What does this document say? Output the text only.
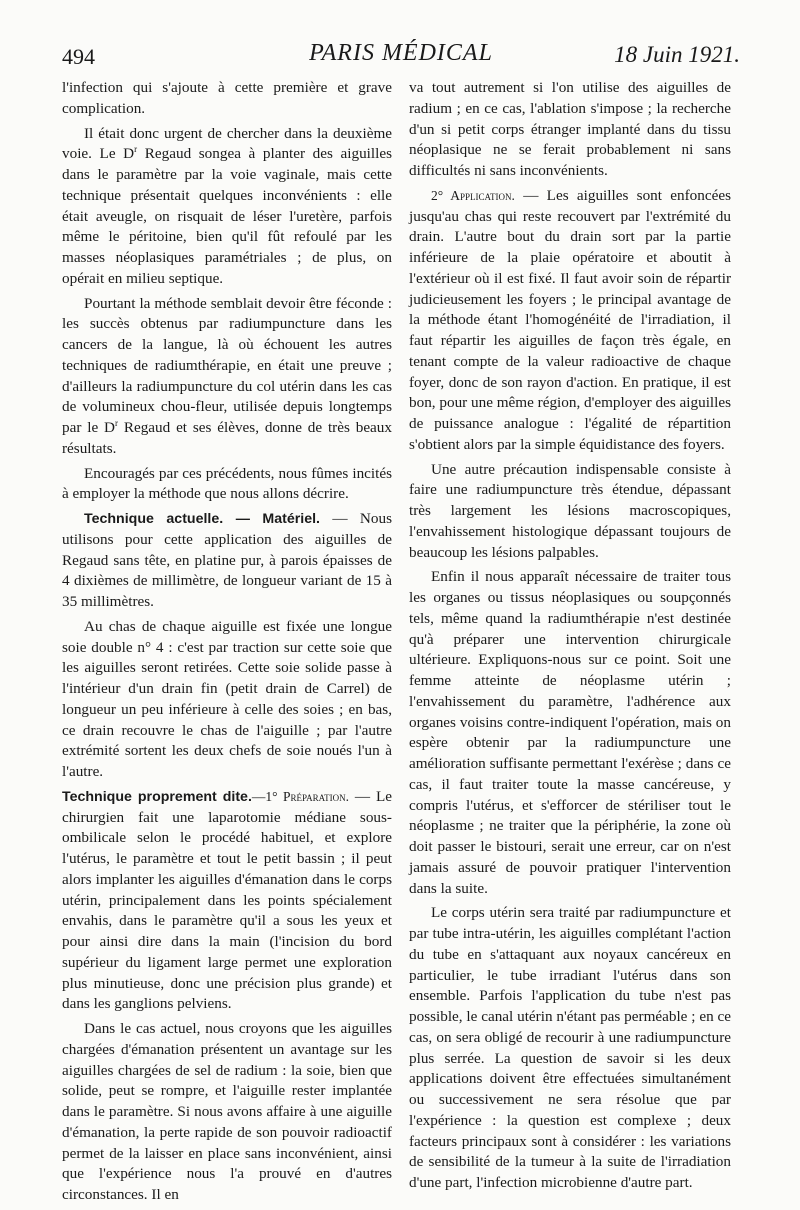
494	PARIS MÉDICAL	18 Juin 1921.

l'infection qui s'ajoute à cette première et grave complication.

Il était donc urgent de chercher dans la deuxième voie. Le $D^r$ Regaud songea à planter des aiguilles dans le paramètre par la voie vaginale, mais cette technique présentait quelques inconvénients : elle était aveugle, on risquait de léser l'uretère, parfois même le péritoine, bien qu'il fût refoulé par les masses néoplasiques paramétriales ; de plus, on opérait en milieu septique.

Pourtant la méthode semblait devoir être féconde : les succès obtenus par radiumpuncture dans les cancers de la langue, là où échouent les autres techniques de radiumthérapie, en était une preuve ; d'ailleurs la radiumpuncture du col utérin dans les cas de volumineux chou-fleur, utilisée depuis longtemps par le $D^r$ Regaud et ses élèves, donne de très beaux résultats.

Encouragés par ces précédents, nous fûmes incités à employer la méthode que nous allons décrire.

Technique actuelle. — Matériel. — Nous utilisons pour cette application des aiguilles de Regaud sans tête, en platine pur, à parois épaisses de 4 dixièmes de millimètre, de longueur variant de 15 à 35 millimètres.

Au chas de chaque aiguille est fixée une longue soie double n° 4 : c'est par traction sur cette soie que les aiguilles seront retirées. Cette soie solide passe à l'intérieur d'un drain fin (petit drain de Carrel) de longueur un peu inférieure à celle des soies ; en bas, ce drain recouvre le chas de l'aiguille ; par l'autre extrémité sortent les deux chefs de soie noués l'un à l'autre.

Technique proprement dite.—1° Préparation. — Le chirurgien fait une laparotomie médiane sous-ombilicale selon le procédé habituel, et explore l'utérus, le paramètre et tout le petit bassin ; il peut alors implanter les aiguilles d'émanation dans le corps utérin, principalement dans les points spécialement envahis, dans le paramètre qu'il a sous les yeux et pour ainsi dire dans la main (l'incision du bord supérieur du ligament large permet une exploration plus minutieuse, donc une précision plus grande) et dans les ganglions pelviens.

Dans le cas actuel, nous croyons que les aiguilles chargées d'émanation présentent un avantage sur les aiguilles chargées de sel de radium : la soie, bien que solide, peut se rompre, et l'aiguille rester implantée dans le paramètre. Si nous avons affaire à une aiguille d'émanation, la perte rapide de son pouvoir radioactif permet de la laisser en place sans inconvénient, ainsi que l'expérience nous l'a prouvé en d'autres circonstances. Il en

va tout autrement si l'on utilise des aiguilles de radium ; en ce cas, l'ablation s'impose ; la recherche d'un si petit corps étranger implanté dans du tissu néoplasique ne se ferait probablement ni sans difficultés ni sans inconvénients.

2° Application. — Les aiguilles sont enfoncées jusqu'au chas qui reste recouvert par l'extrémité du drain. L'autre bout du drain sort par la partie inférieure de la plaie opératoire et aboutit à l'extérieur où il est fixé. Il faut avoir soin de répartir judicieusement les foyers ; le principal avantage de la méthode étant l'homogénéité de l'irradiation, il faut répartir les aiguilles de façon très égale, en tenant compte de la valeur radioactive de chaque foyer, donc de son rayon d'action. En pratique, il est bon, pour une même région, d'employer des aiguilles de puissance analogue : l'égalité de répartition s'obtient alors par la simple équidistance des foyers.

Une autre précaution indispensable consiste à faire une radiumpuncture très étendue, dépassant très largement les lésions macroscopiques, l'envahissement histologique dépassant toujours de beaucoup les lésions palpables.

Enfin il nous apparaît nécessaire de traiter tous les organes ou tissus néoplasiques ou soupçonnés tels, même quand la radiumthérapie n'est destinée qu'à préparer une intervention chirurgicale ultérieure. Expliquons-nous sur ce point. Soit une femme atteinte de néoplasme utérin ; l'envahissement du paramètre, l'adhérence aux organes voisins contre-indiquent l'opération, mais on espère obtenir par la radiumpuncture une amélioration suffisante permettant l'exérèse ; dans ce cas, il faut traiter toute la masse cancéreuse, y compris l'utérus, et s'efforcer de stériliser tout le néoplasme ; ne traiter que la périphérie, la zone où doit passer le bistouri, serait une erreur, car on n'est jamais assuré de pouvoir pratiquer l'intervention dans la suite.

Le corps utérin sera traité par radiumpuncture et par tube intra-utérin, les aiguilles complétant l'action du tube en s'attaquant aux noyaux cancéreux en particulier, le tube irradiant l'utérus dans son ensemble. Parfois l'application du tube n'est pas possible, le canal utérin n'étant pas perméable ; en ce cas, on sera obligé de recourir à une radiumpuncture plus serrée. La question de savoir si les deux applications doivent être effectuées simultanément ou successivement ne sera résolue que par l'expérience : la question est complexe ; deux facteurs principaux sont à considérer : les variations de sensibilité de la tumeur à la suite de l'irradiation d'une part, l'infection microbienne d'autre part.
